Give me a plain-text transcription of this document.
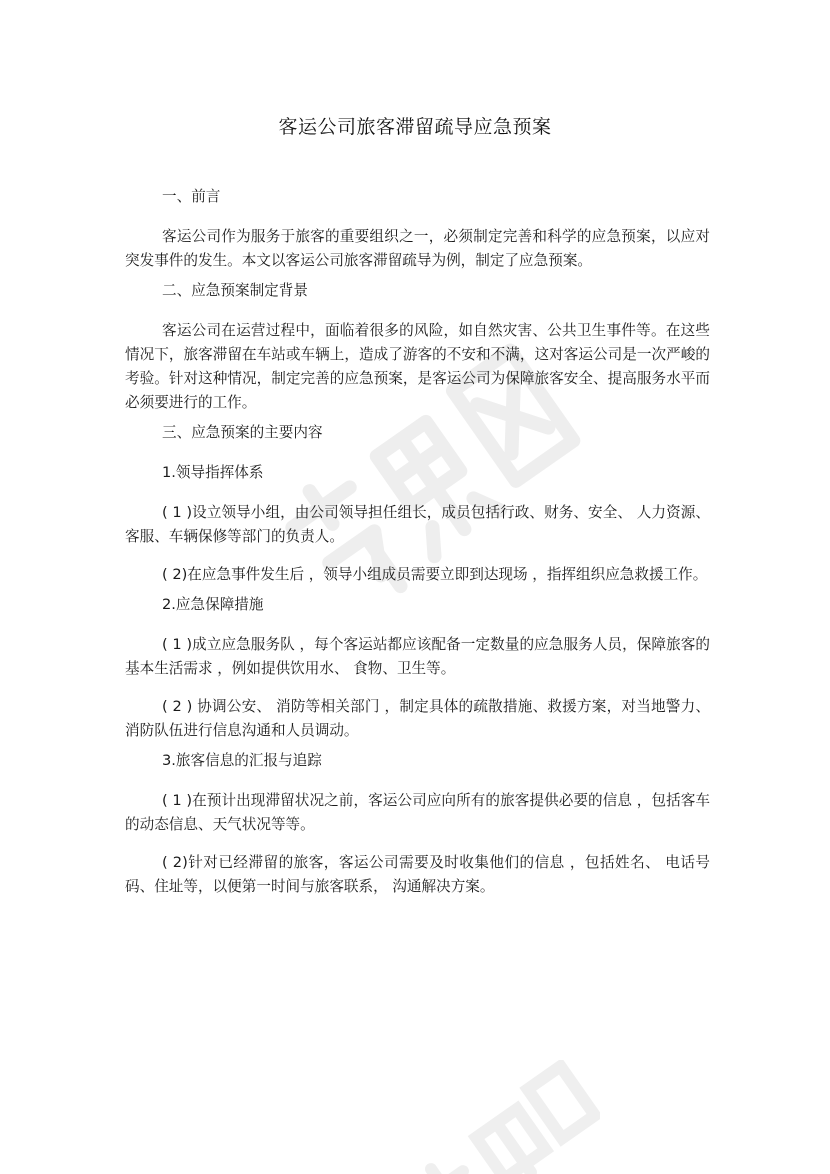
客运公司旅客滞留疏导应急预案
一、前言

客运公司作为服务于旅客的重要组织之一，必须制定完善和科学的应急预案，以应对突发事件的发生。本文以客运公司旅客滞留疏导为例，制定了应急预案。

二、应急预案制定背景

客运公司在运营过程中，面临着很多的风险，如自然灾害、公共卫生事件等。在这些情况下，旅客滞留在车站或车辆上，造成了游客的不安和不满，这对客运公司是一次严峻的考验。针对这种情况，制定完善的应急预案，是客运公司为保障旅客安全、提高服务水平而必须要进行的工作。

三、应急预案的主要内容
1.领导指挥体系

( 1 )设立领导小组，由公司领导担任组长，成员包括行政、财务、安全、 人力资源、客服、车辆保修等部门的负责人。

( 2)在应急事件发生后 ，领导小组成员需要立即到达现场 ，指挥组织应急救援工作。

2.应急保障措施

( 1 )成立应急服务队 ，每个客运站都应该配备一定数量的应急服务人员，保障旅客的基本生活需求 ，例如提供饮用水、 食物、卫生等。

( 2 ) 协调公安、 消防等相关部门 ，制定具体的疏散措施、救援方案，对当地警力、消防队伍进行信息沟通和人员调动。

3.旅客信息的汇报与追踪

( 1 )在预计出现滞留状况之前，客运公司应向所有的旅客提供必要的信息 ，包括客车的动态信息、天气状况等等。

( 2)针对已经滞留的旅客，客运公司需要及时收集他们的信息 ，包括姓名、 电话号码、住址等，以便第一时间与旅客联系， 沟通解决方案。
